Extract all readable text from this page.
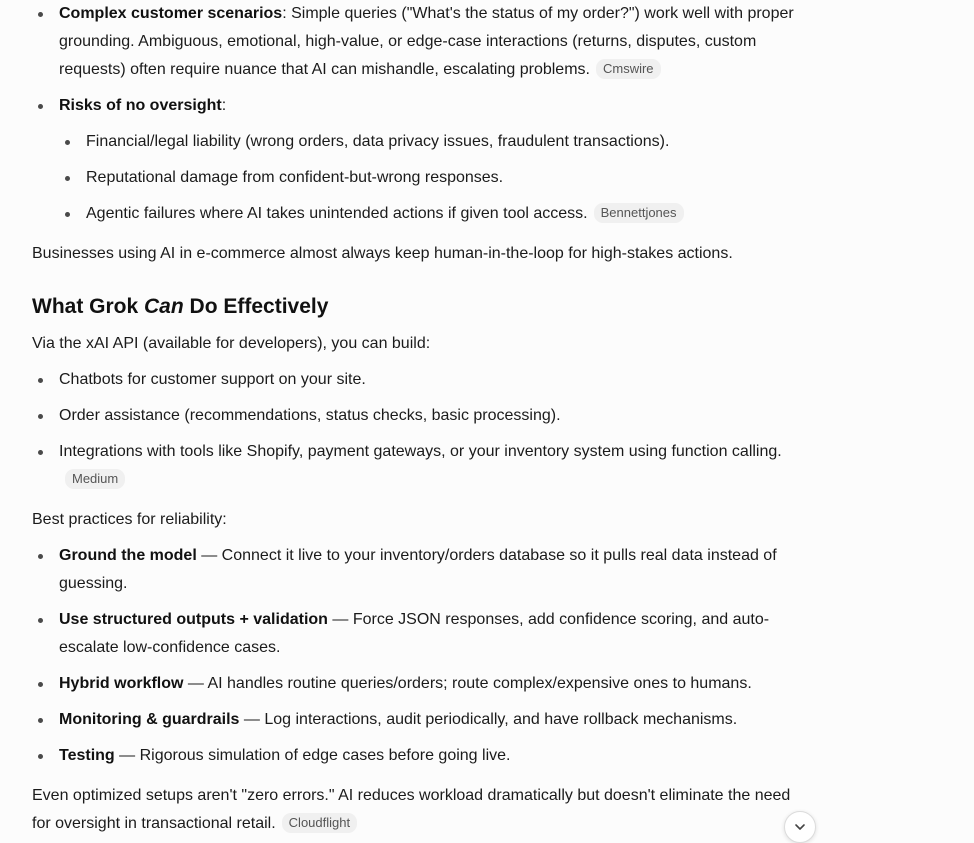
Complex customer scenarios: Simple queries ("What's the status of my order?") work well with proper grounding. Ambiguous, emotional, high-value, or edge-case interactions (returns, disputes, custom requests) often require nuance that AI can mishandle, escalating problems. Cmswire
Risks of no oversight:
Financial/legal liability (wrong orders, data privacy issues, fraudulent transactions).
Reputational damage from confident-but-wrong responses.
Agentic failures where AI takes unintended actions if given tool access. Bennettjones

Businesses using AI in e-commerce almost always keep human-in-the-loop for high-stakes actions.

What Grok Can Do Effectively

Via the xAI API (available for developers), you can build:

Chatbots for customer support on your site.
Order assistance (recommendations, status checks, basic processing).
Integrations with tools like Shopify, payment gateways, or your inventory system using function calling.Medium

Best practices for reliability:

Ground the model — Connect it live to your inventory/orders database so it pulls real data instead of guessing.
Use structured outputs + validation — Force JSON responses, add confidence scoring, and auto-escalate low-confidence cases.
Hybrid workflow — AI handles routine queries/orders; route complex/expensive ones to humans.
Monitoring & guardrails — Log interactions, audit periodically, and have rollback mechanisms.
Testing — Rigorous simulation of edge cases before going live.

Even optimized setups aren't "zero errors." AI reduces workload dramatically but doesn't eliminate the need for oversight in transactional retail. Cloudflight
